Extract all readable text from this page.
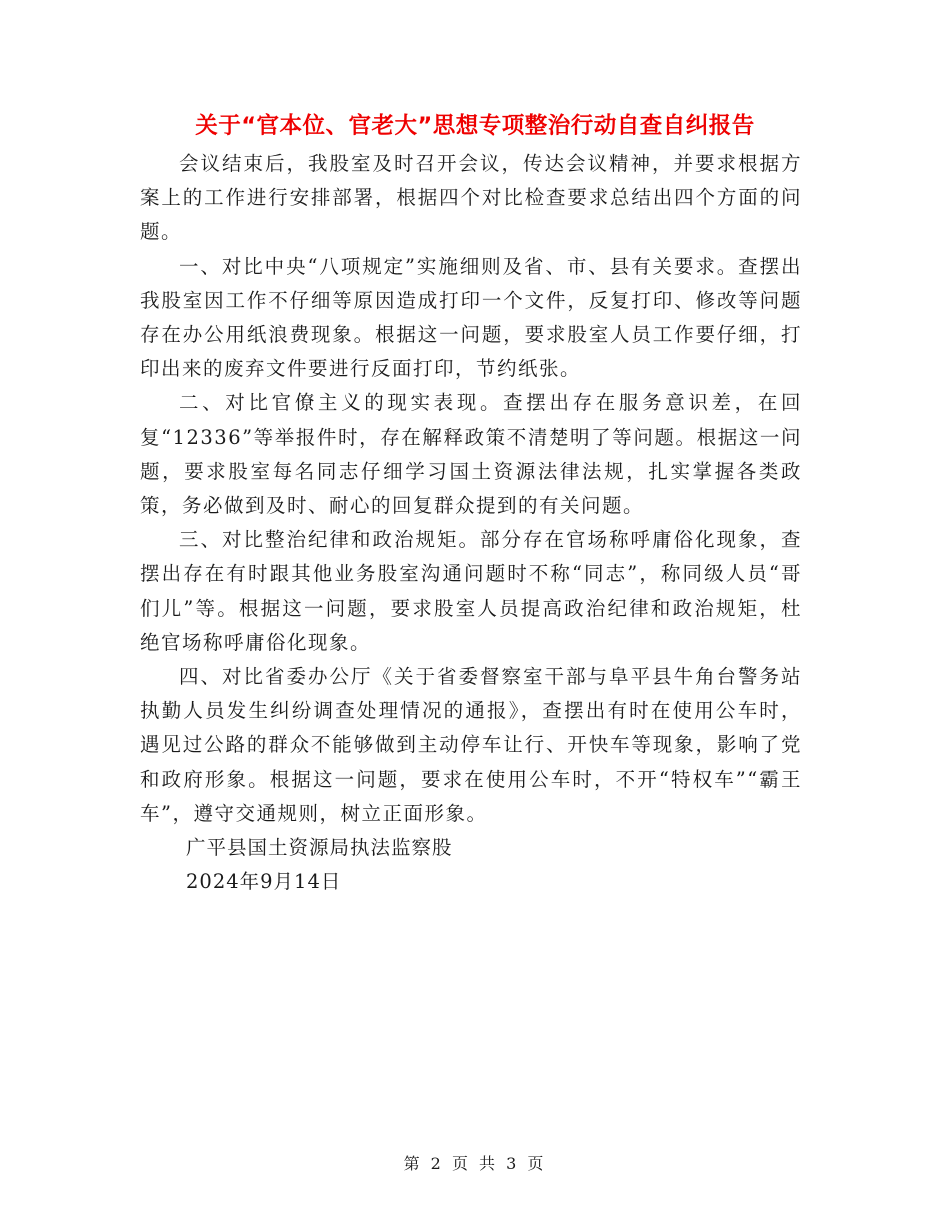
关于“官本位、官老大”思想专项整治行动自查自纠报告

会议结束后，我股室及时召开会议，传达会议精神，并要求根据方案上的工作进行安排部署，根据四个对比检查要求总结出四个方面的问题。

一、对比中央“八项规定”实施细则及省、市、县有关要求。查摆出我股室因工作不仔细等原因造成打印一个文件，反复打印、修改等问题存在办公用纸浪费现象。根据这一问题，要求股室人员工作要仔细，打印出来的废弃文件要进行反面打印，节约纸张。

二、对比官僚主义的现实表现。查摆出存在服务意识差，在回复“12336”等举报件时，存在解释政策不清楚明了等问题。根据这一问题，要求股室每名同志仔细学习国土资源法律法规，扎实掌握各类政策，务必做到及时、耐心的回复群众提到的有关问题。

三、对比整治纪律和政治规矩。部分存在官场称呼庸俗化现象，查摆出存在有时跟其他业务股室沟通问题时不称“同志”，称同级人员“哥们儿”等。根据这一问题，要求股室人员提高政治纪律和政治规矩，杜绝官场称呼庸俗化现象。

四、对比省委办公厅《关于省委督察室干部与阜平县牛角台警务站执勤人员发生纠纷调查处理情况的通报》，查摆出有时在使用公车时，遇见过公路的群众不能够做到主动停车让行、开快车等现象，影响了党和政府形象。根据这一问题，要求在使用公车时，不开“特权车”“霸王车”，遵守交通规则，树立正面形象。

广平县国土资源局执法监察股

2024年9月14日

第 2 页 共 3 页
